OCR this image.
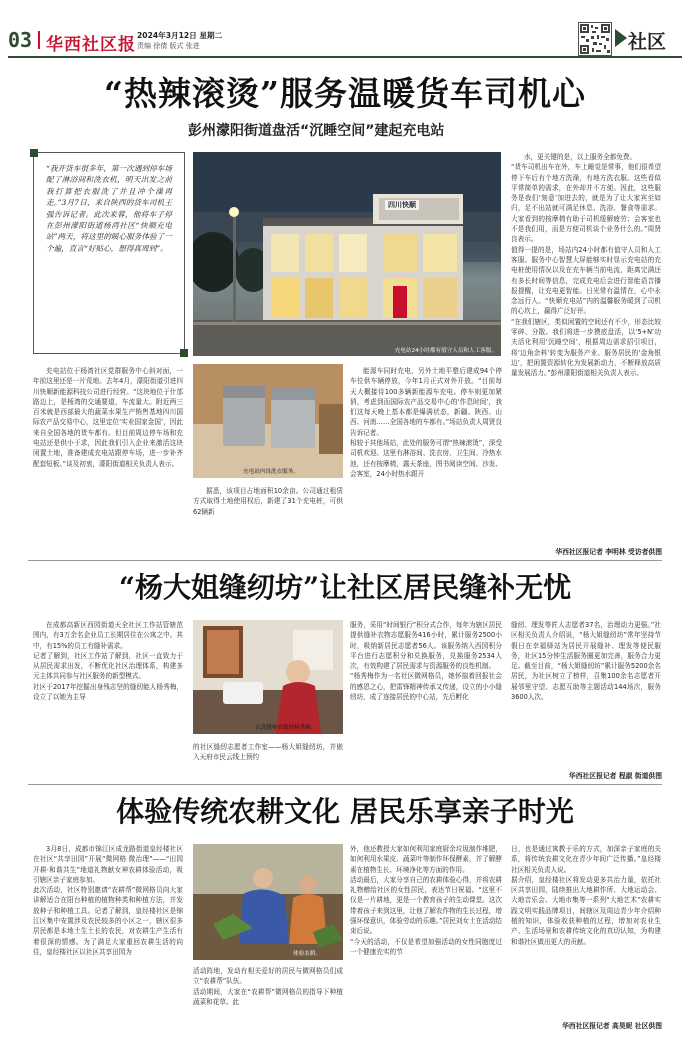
03 华西社区报 2024年3月12日 星期二
责编 徐倩 版式 张进	社区
“热辣滚烫”服务温暖货车司机心
彭州濛阳街道盘活“沉睡空间”建起充电站
“我开货车很多年，第一次遇到停车场配了淋浴间和洗衣机，明天出发之前我打算把衣服洗了并且冲个澡再走。”3月7日，来自陕西的货车司机王强告诉记者。此次来蓉，他将车子停在彭州濛阳街道杨湾社区“快顺充电站”两天，将这里的暖心服务体验了一个遍，直言“好贴心，想得真周到”。
四川快顺
充电站24小时都有值守人员和人工客服。
充电站内设洗衣服务。
充电站位于杨湾社区党群服务中心斜对面，一年前这里还是一片荒地。去年4月，濛阳街道引进四川快顺新能源科技公司进行经营。“这块地位于什邡路边上，是杨湾的交通要道，车流量大。附近两三百米就是西部最大的蔬菜水果生产销售基地四川国际农产品交易中心，这里定位‘实业国家金国’，因此来自全国各地的货车都有。但目前周边停车场和充电站还是供小于求，因此我们引入企业来激活这块闲置土地，准备建成充电站跟停车场，进一步补齐配套短板。”谈及初衷，濛阳街道相关负责人表示。
据悉，该项目占地面积10余亩。公司通过租赁方式取得土地使用权后，新建了31个充电桩，可供62辆新
能源车同时充电，另外土地平整后建成94个停车位供车辆停放，今年1月正式对外开放。“目前每天大概接待100多辆新能源车充电。停车则更加紧俏，考虑到而国际农产品交易中心的‘作息时间’，我们这每天晚上基本都是爆满状态，新疆、陕西、山西、河南……全国各地的车都有。”场站负责人周贤良告诉记者。
相较于其他场站，此处的服务可谓“热辣滚烫”，深受司机欢迎。这里有淋浴间、洗衣房、卫生间、冷热水池，还有按摩椅，露天茶座，图书阅读空间、沙发、会客室，24小时热水跟开
水，更关键的是，以上服务全都免费。
“货车司机出车在外，车上睡觉是常事，他们很希望停下车后有个地方洗澡，有地方洗衣服。这些看似平常简单的需求，在外却并不方便。因此，这些服务是我们‘刻意’加进去的，就是为了让大家宾至如归，足不出站就可满足休息、洗浴、餐食等需求。大家看到的按摩椅有助于司机缓解疲劳；会客室也不是我们用，而是方便司机谈个业务什么的。”周贤良表示。
值得一提的是，场站内24小时都有值守人员和人工客服。服务中心智慧大屏能够实时显示充电站的充电桩使用情况以及在充车辆当前电流，距离完满还有多长时间等信息，完成充电后会进行智能语音播报提醒，让充电更智能。日光常有温情在，心中永念远行人。“快顺充电站”内的温馨服务暖到了司机的心坎上，赢得广泛好评。
“在我们辖区，类似闲置的空间还有不少，形态比较零碎、分散。我们将进一步摸底盘活，以‘5+N’功夫活化利用‘沉睡空间’，根据周边需求招引项目，将‘边角余料’转变为服务产业、服务居民的‘金角银边’，把闲置资源转化为发展新动力，不断释放高质量发展活力。”彭州濛阳街道相关负责人表示。
华西社区报记者 李明林 受访者供图
“杨大姐缝纫坊”让社区居民缝补无忧
在成都高新区西园街道天全社区工作站管辖范围内，有3万余名企业员工长期居住在公寓之中。其中，有15%的员工有缝补需求。
记者了解到，社区工作站了解到，社区一直致力于从居民需求出发，不断优化社区治理体系，构建多元主体共同参与社区服务的新型模式。
社区于2017年挖掘出身残志坚的缝纫能人杨秀梅，设立了以她为主导
认真缝补衣服的杨秀梅。
的社区缝纫志愿者工作室——杨大姐缝纫坊，并嵌入天府市民云线上预约
服务，采用“时间银行”积分式合作，每年为辖区居民提供缝补衣物志愿服务416小时，累计服务2500小时，吸纳新居民志愿者56人。该服务纳入西园积分平台进行志愿积分和兑换服务，兑换服务2534人次，有效构建了居民需求与资源服务的良性机制。
“杨秀梅作为一名社区微网格员，她怀揣着回报社会的感恩之心，把雷锋精神传承又传递，设立的小小缝纫坊，成了连接居民的中心站，先后孵化
缝纫、理发等匠人志愿者37名，治理动力更强。”社区相关负责人介绍说，“杨大姐缝纫坊”常年坚持节假日在幸福驿站为居民开展缝补、理发等便民服务，社区15分钟生活服务圈更加完善，服务合力更足。截至目前，“杨大姐缝纫坊”累计服务5200余名居民，为社区树立了榜样，召集100余名志愿者开展邻里守望、志愿互助等主题活动144场次，服务3600人次。
华西社区报记者 程淑 街道供图
体验传统农耕文化 居民乐享亲子时光
3月8日，成都市锦江区成龙路街道皇经楼社区在社区“共享田园”开展“微网格 微治理”——“田园开耕·和谐共生”地道礼物献女神农耕体验活动，吸引辖区亲子家庭参加。
此次活动，社区特别邀请“农耕帮”微网格员向大家讲解适合在阳台种植的植物种类和种植方法，并发放种子和种植工具。记者了解到，皇经楼社区是锦江区集中安置涉及农民较多的小区之一，辖区很多居民都是本地土生土长的农民，对农耕生产生活有着很深的情感。为了满足大家重回农耕生活的向往，皇经楼社区以社区共享田园为	体验农耕。
活动阵地，发动有相关爱好的居民与微网格员们成立“农耕帮”队伍。
活动期间，大家在“农耕帮”微网格员的指导下种植蔬菜和花草。此
外，他还教授大家如何利用家庭厨余垃圾制作堆肥，如何利用水果皮、蔬菜叶等制作环保酵素，并了解酵素在植物生长、环境净化等方面的作用。
活动最后，大家分享自己的农耕体验心得，并将农耕礼物赠给社区的女性居民，表达节日祝福。“这里不仅是一片耕地，更是一个教育孩子的生动课堂。这次带着孩子来到这里，让他了解农作物的生长过程，增强环保意识，体验劳动的乐趣。”居民刘女士在活动结束后说。
“今天的活动，不仅是希望加强活动的女性同胞度过一个健康充实的节
日，也是通过寓教于乐的方式，加深亲子家庭的关系，将传统农耕文化在青少年间广泛传播。”皇经楼社区相关负责人说。
据介绍，皇经楼社区将发动更多共治力量，依托社区共享田园，陆续推出大地耕作所、大地运动会、大地音乐会、大地市集等一系列“大地艺术”农耕实践文明实践品牌项目，间辖区及周边青少年介绍种植的知识，体验收获种植的过程，增加对农业生产、生活场景和农耕传统文化的真切认知，为构建和谐社区做出更大的贡献。
华西社区报记者 高昊妮 社区供图
